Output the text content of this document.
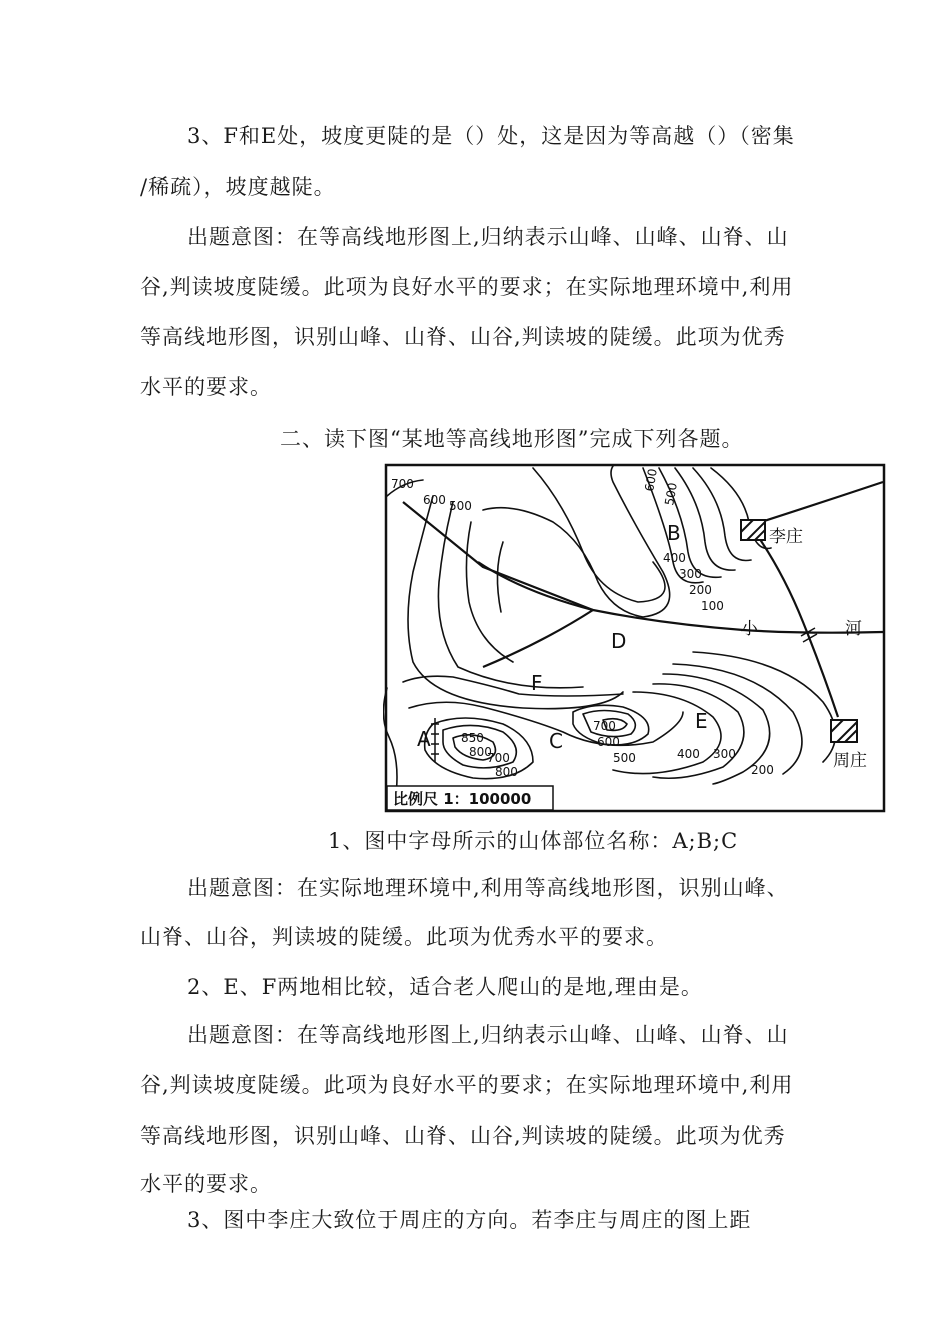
3、F和E处，坡度更陡的是（）处，这是因为等高越（）（密集
/稀疏），坡度越陡。
出题意图：在等高线地形图上,归纳表示山峰、山峰、山脊、山
谷,判读坡度陡缓。此项为良好水平的要求；在实际地理环境中,利用
等高线地形图，识别山峰、山脊、山谷,判读坡的陡缓。此项为优秀
水平的要求。
二、读下图“某地等高线地形图”完成下列各题。
比例尺 1：100000
李庄
周庄
小	河
B
D
F
E
C
A
700
600 500
600
500
400
300
200
100
850
800
700
800
700
600
500	400 300
200
1、图中字母所示的山体部位名称：A;B;C
出题意图：在实际地理环境中,利用等高线地形图，识别山峰、
山脊、山谷，判读坡的陡缓。此项为优秀水平的要求。
2、E、F两地相比较，适合老人爬山的是地,理由是。
出题意图：在等高线地形图上,归纳表示山峰、山峰、山脊、山
谷,判读坡度陡缓。此项为良好水平的要求；在实际地理环境中,利用
等高线地形图，识别山峰、山脊、山谷,判读坡的陡缓。此项为优秀
水平的要求。
3、图中李庄大致位于周庄的方向。若李庄与周庄的图上距
